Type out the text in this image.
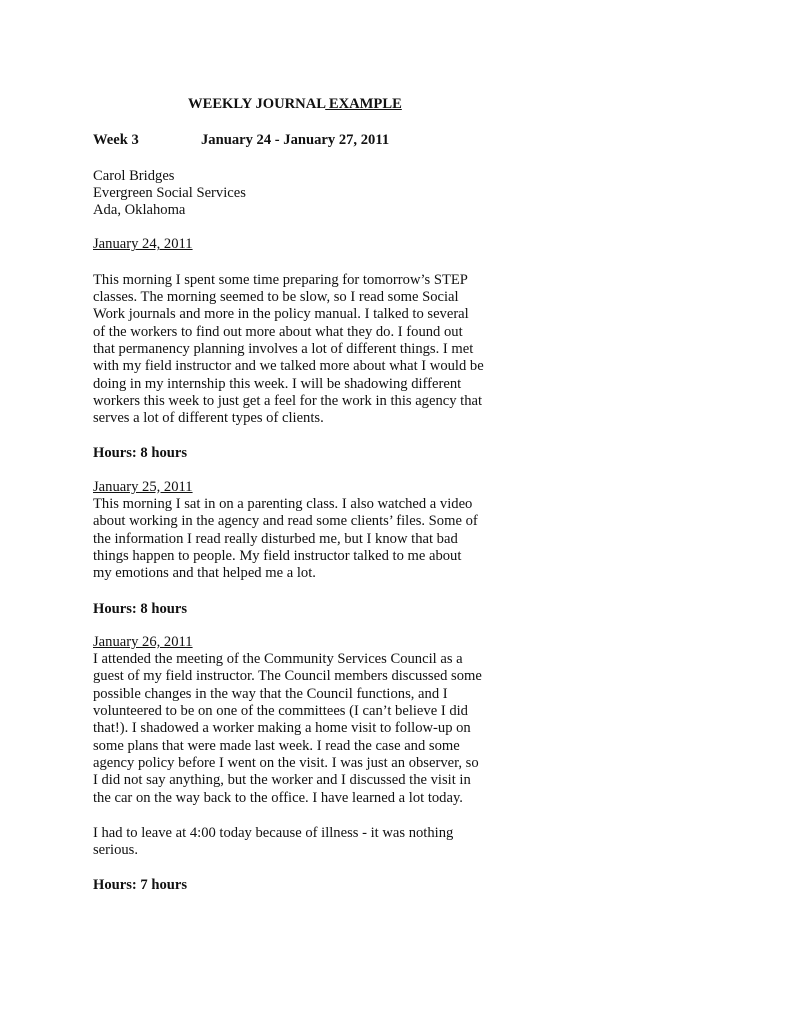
WEEKLY JOURNAL EXAMPLE
Week 3	January 24 - January 27, 2011
Carol Bridges
Evergreen Social Services
Ada, Oklahoma
January 24, 2011
This morning I spent some time preparing for tomorrow’s STEP
classes. The morning seemed to be slow, so I read some Social
Work journals and more in the policy manual. I talked to several
of the workers to find out more about what they do. I found out
that permanency planning involves a lot of different things. I met
with my field instructor and we talked more about what I would be
doing in my internship this week. I will be shadowing different
workers this week to just get a feel for the work in this agency that
serves a lot of different types of clients.
Hours: 8 hours
January 25, 2011
This morning I sat in on a parenting class. I also watched a video
about working in the agency and read some clients’ files. Some of
the information I read really disturbed me, but I know that bad
things happen to people. My field instructor talked to me about
my emotions and that helped me a lot.
Hours: 8 hours
January 26, 2011
I attended the meeting of the Community Services Council as a
guest of my field instructor. The Council members discussed some
possible changes in the way that the Council functions, and I
volunteered to be on one of the committees (I can’t believe I did
that!). I shadowed a worker making a home visit to follow-up on
some plans that were made last week. I read the case and some
agency policy before I went on the visit. I was just an observer, so
I did not say anything, but the worker and I discussed the visit in
the car on the way back to the office. I have learned a lot today.
I had to leave at 4:00 today because of illness - it was nothing
serious.
Hours: 7 hours
